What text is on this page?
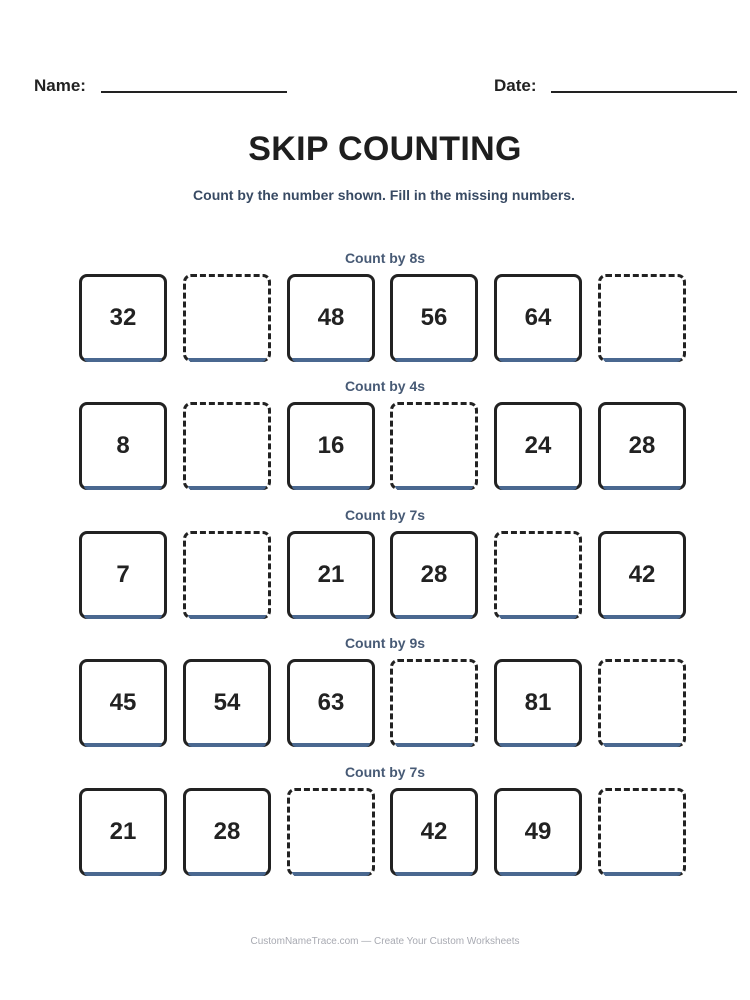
Name:	Date:
SKIP COUNTING
Count by the number shown. Fill in the missing numbers.
Count by 8s
32	48	56	64
Count by 4s
8	16	24	28
Count by 7s
7	21	28	42
Count by 9s
45	54	63	81
Count by 7s
21	28	42	49
CustomNameTrace.com — Create Your Custom Worksheets
